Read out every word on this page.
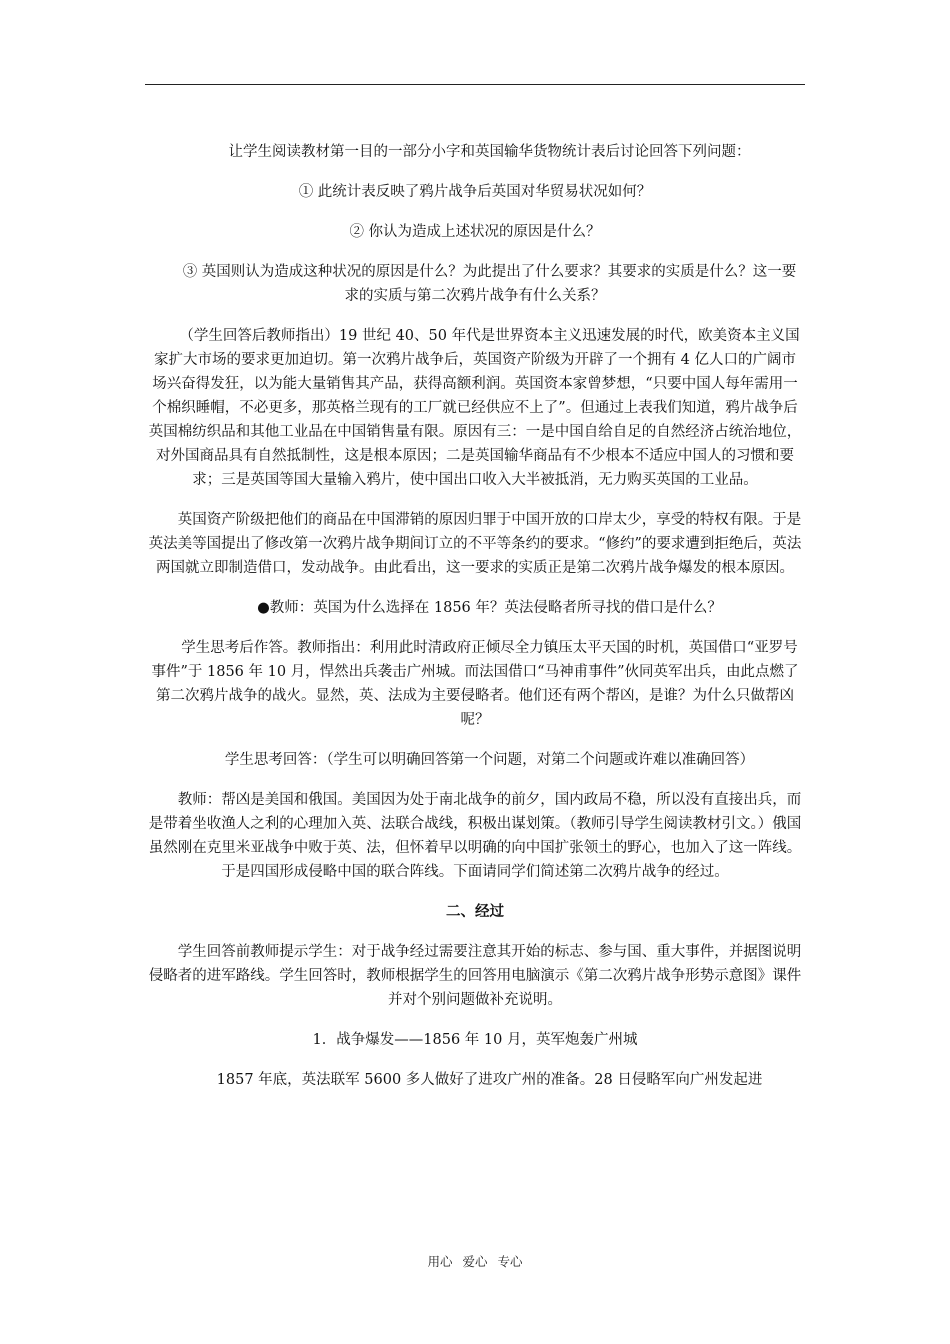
让学生阅读教材第一目的一部分小字和英国输华货物统计表后讨论回答下列问题：

① 此统计表反映了鸦片战争后英国对华贸易状况如何？

② 你认为造成上述状况的原因是什么？

③ 英国则认为造成这种状况的原因是什么？为此提出了什么要求？其要求的实质是什么？这一要求的实质与第二次鸦片战争有什么关系？

（学生回答后教师指出）19 世纪 40、50 年代是世界资本主义迅速发展的时代，欧美资本主义国家扩大市场的要求更加迫切。第一次鸦片战争后，英国资产阶级为开辟了一个拥有 4 亿人口的广阔市场兴奋得发狂，以为能大量销售其产品，获得高额利润。英国资本家曾梦想，“只要中国人每年需用一个棉织睡帽，不必更多，那英格兰现有的工厂就已经供应不上了”。但通过上表我们知道，鸦片战争后英国棉纺织品和其他工业品在中国销售量有限。原因有三：一是中国自给自足的自然经济占统治地位，对外国商品具有自然抵制性，这是根本原因；二是英国输华商品有不少根本不适应中国人的习惯和要求；三是英国等国大量输入鸦片，使中国出口收入大半被抵消，无力购买英国的工业品。

英国资产阶级把他们的商品在中国滞销的原因归罪于中国开放的口岸太少，享受的特权有限。于是英法美等国提出了修改第一次鸦片战争期间订立的不平等条约的要求。“修约”的要求遭到拒绝后，英法两国就立即制造借口，发动战争。由此看出，这一要求的实质正是第二次鸦片战争爆发的根本原因。

●教师：英国为什么选择在 1856 年？英法侵略者所寻找的借口是什么？

学生思考后作答。教师指出：利用此时清政府正倾尽全力镇压太平天国的时机，英国借口“亚罗号事件”于 1856 年 10 月，悍然出兵袭击广州城。而法国借口“马神甫事件”伙同英军出兵，由此点燃了第二次鸦片战争的战火。显然，英、法成为主要侵略者。他们还有两个帮凶，是谁？为什么只做帮凶呢？

学生思考回答：（学生可以明确回答第一个问题，对第二个问题或许难以准确回答）

教师：帮凶是美国和俄国。美国因为处于南北战争的前夕，国内政局不稳，所以没有直接出兵，而是带着坐收渔人之利的心理加入英、法联合战线，积极出谋划策。（教师引导学生阅读教材引文。）俄国虽然刚在克里米亚战争中败于英、法，但怀着早以明确的向中国扩张领土的野心，也加入了这一阵线。于是四国形成侵略中国的联合阵线。下面请同学们简述第二次鸦片战争的经过。

二、经过

学生回答前教师提示学生：对于战争经过需要注意其开始的标志、参与国、重大事件，并据图说明侵略者的进军路线。学生回答时，教师根据学生的回答用电脑演示《第二次鸦片战争形势示意图》课件并对个别问题做补充说明。

1．战争爆发——1856 年 10 月，英军炮轰广州城

1857 年底，英法联军 5600 多人做好了进攻广州的准备。28 日侵略军向广州发起进

用心 爱心 专心
